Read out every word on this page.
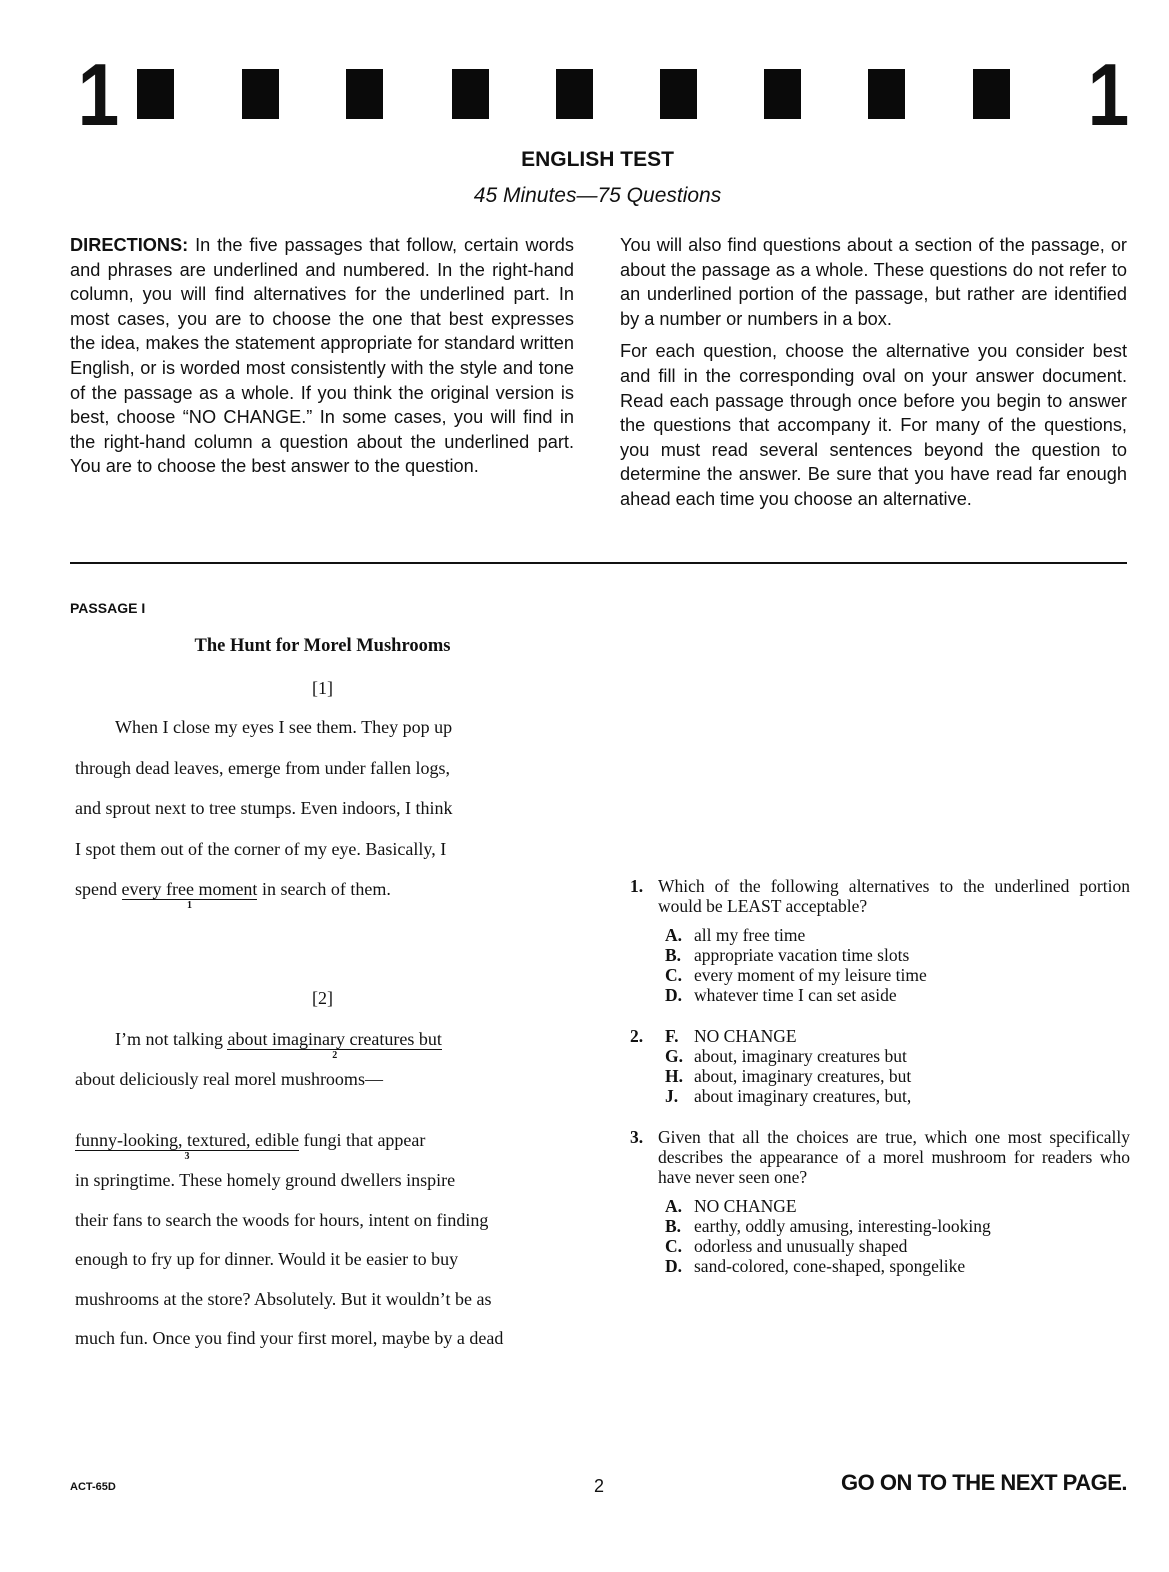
1	1
ENGLISH TEST
45 Minutes—75 Questions

DIRECTIONS: In the five passages that follow, certain words and phrases are underlined and numbered. In the right-hand column, you will find alternatives for the underlined part. In most cases, you are to choose the one that best expresses the idea, makes the statement appropriate for standard written English, or is worded most consistently with the style and tone of the passage as a whole. If you think the original version is best, choose “NO CHANGE.” In some cases, you will find in the right-hand column a question about the underlined part. You are to choose the best answer to the question.

You will also find questions about a section of the passage, or about the passage as a whole. These questions do not refer to an underlined portion of the passage, but rather are identified by a number or numbers in a box.

For each question, choose the alternative you consider best and fill in the corresponding oval on your answer document. Read each passage through once before you begin to answer the questions that accompany it. For many of the questions, you must read several sentences beyond the question to determine the answer. Be sure that you have read far enough ahead each time you choose an alternative.

PASSAGE I
The Hunt for Morel Mushrooms
[1]
[2]
When I close my eyes I see them. They pop up
through dead leaves, emerge from under fallen logs,
and sprout next to tree stumps. Even indoors, I think
I spot them out of the corner of my eye. Basically, I
spend every free moment
1
in search of them.
I’m not talking about imaginary creatures but
2
about deliciously real morel mushrooms—
funny-looking, textured, edible
3
fungi that appear
in springtime. These homely ground dwellers inspire
their fans to search the woods for hours, intent on finding
enough to fry up for dinner. Would it be easier to buy
mushrooms at the store? Absolutely. But it wouldn’t be as
much fun. Once you find your first morel, maybe by a dead
1. Which of the following alternatives to the underlined portion would be LEAST acceptable?
A. all my free time
B. appropriate vacation time slots
C. every moment of my leisure time
D. whatever time I can set aside
2. F. NO CHANGE
G. about, imaginary creatures but
H. about, imaginary creatures, but
J. about imaginary creatures, but,
3. Given that all the choices are true, which one most specifically describes the appearance of a morel mushroom for readers who have never seen one?
A. NO CHANGE
B. earthy, oddly amusing, interesting-looking
C. odorless and unusually shaped
D. sand-colored, cone-shaped, spongelike
ACT-65D	2	GO ON TO THE NEXT PAGE.
